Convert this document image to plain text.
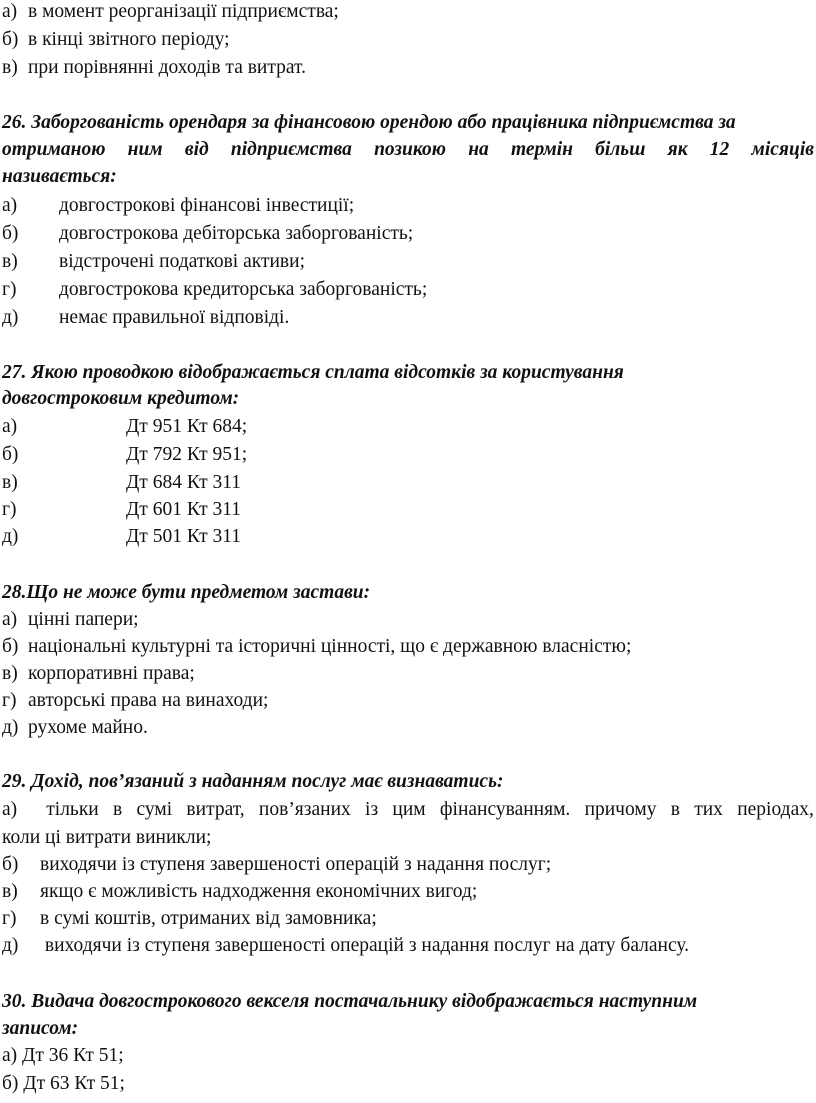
а) в момент реорганізації підприємства;
б) в кінці звітного періоду;
в) при порівнянні доходів та витрат.
26. Заборгованість орендаря за фінансовою орендою або працівника підприємства за
отриманою ним від підприємства позикою на термін більш як 12 місяців
називається:
а) довгострокові фінансові інвестиції;
б) довгострокова дебіторська заборгованість;
в) відстрочені податкові активи;
г) довгострокова кредиторська заборгованість;
д) немає правильної відповіді.
27. Якою проводкою відображається сплата відсотків за користування
довгостроковим кредитом:
а)	Дт 951 Кт 684;
б)	Дт 792 Кт 951;
в)	Дт 684 Кт 311
г)	Дт 601 Кт 311
д)	Дт 501 Кт 311
28.Що не може бути предметом застави:
а) цінні папери;
б) національні культурні та історичні цінності, що є державною власністю;
в) корпоративні права;
г) авторські права на винаходи;
д) рухоме майно.
29. Дохід, пов’язаний з наданням послуг має визнаватись:
а)	тільки в сумі витрат, пов’язаних із цим фінансуванням. причому в тих періодах,
коли ці витрати виникли;
б) виходячи із ступеня завершеності операцій з надання послуг;
в) якщо є можливість надходження економічних вигод;
г) в сумі коштів, отриманих від замовника;
д) виходячи із ступеня завершеності операцій з надання послуг на дату балансу.
30. Видача довгострокового векселя постачальнику відображається наступним
записом:
а) Дт 36 Кт 51;
б) Дт 63 Кт 51;
